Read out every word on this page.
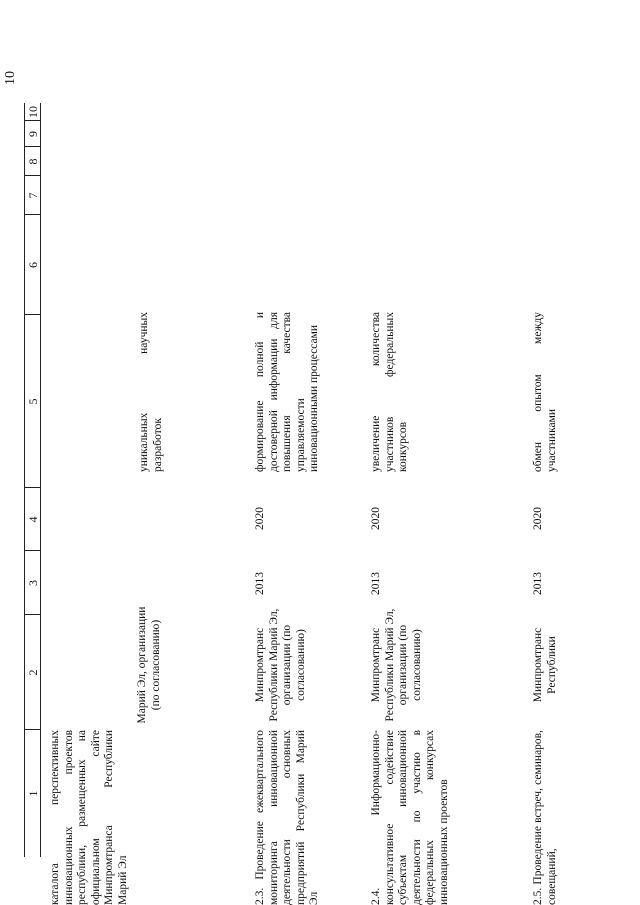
10
1
2
3
4
5
6
7
8
9
10
каталога перспективных инновационных проектов республики, размещенных на официальном сайте Минпромтранса Республики Марий Эл
Марий Эл, организации (по согласованию)
уникальных научных разработок
2.3. Проведение ежеквартального мониторинга инновационной деятельности основных предприятий Республики Марий Эл
Минпромтранс Республики Марий Эл, организации (по согласованию)
2013
2020
формирование полной и достоверной информации для повышения качества управляемости инновационными процессами
2.4. Информационно-консультативное содействие субъектам инновационной деятельности по участию в федеральных конкурсах инновационных проектов
Минпромтранс Республики Марий Эл, организации (по согласованию)
2013
2020
увеличение количества участников федеральных конкурсов
2.5. Проведение встреч, семинаров, совещаний,
Минпромтранс Республики
2013
2020
обмен опытом между участниками
